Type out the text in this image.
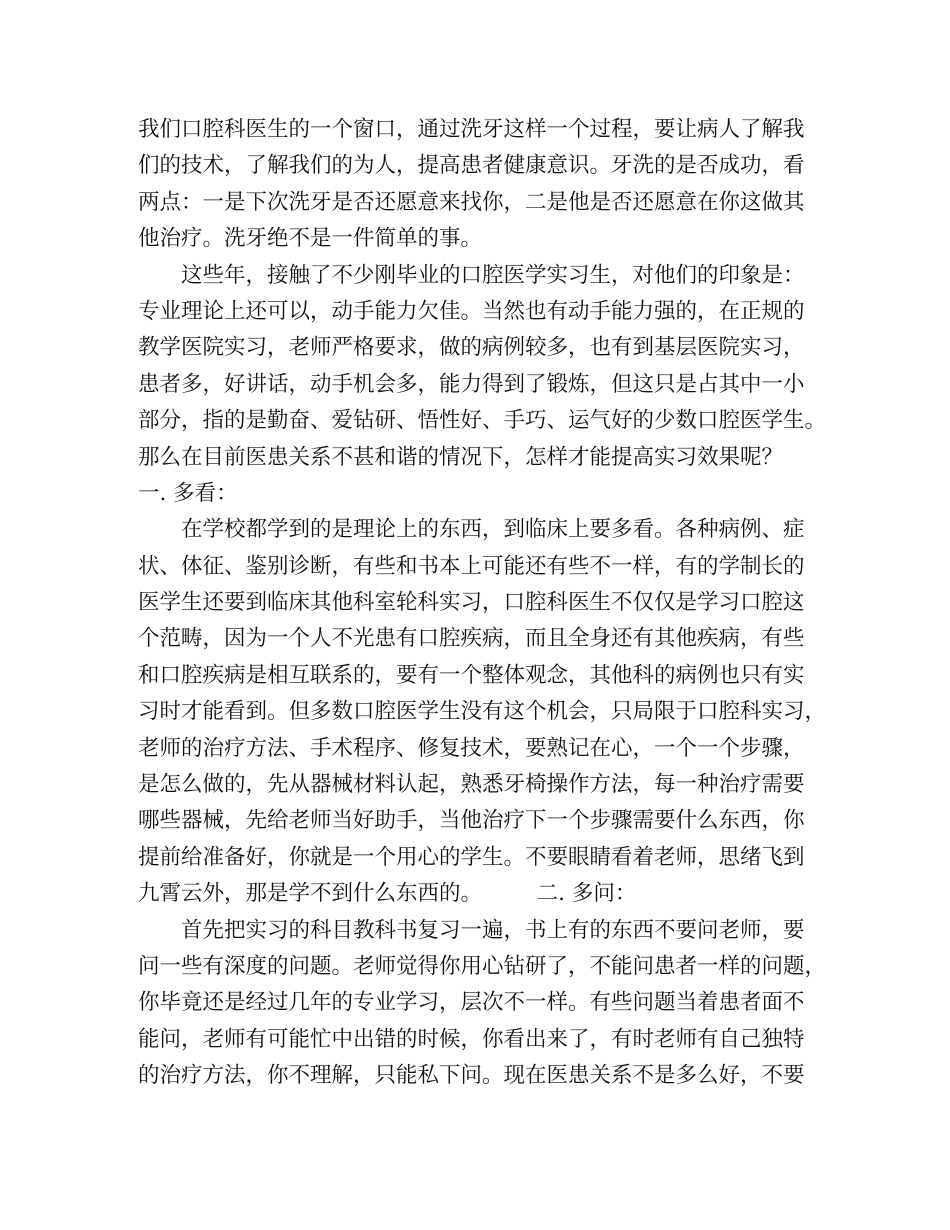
我们口腔科医生的一个窗口，通过洗牙这样一个过程，要让病人了解我
们的技术，了解我们的为人，提高患者健康意识。牙洗的是否成功，看
两点：一是下次洗牙是否还愿意来找你，二是他是否还愿意在你这做其
他治疗。洗牙绝不是一件简单的事。
这些年，接触了不少刚毕业的口腔医学实习生，对他们的印象是：
专业理论上还可以，动手能力欠佳。当然也有动手能力强的，在正规的
教学医院实习，老师严格要求，做的病例较多，也有到基层医院实习，
患者多，好讲话，动手机会多，能力得到了锻炼，但这只是占其中一小
部分，指的是勤奋、爱钻研、悟性好、手巧、运气好的少数口腔医学生。
那么在目前医患关系不甚和谐的情况下，怎样才能提高实习效果呢？
一. 多看：
在学校都学到的是理论上的东西，到临床上要多看。各种病例、症
状、体征、鉴别诊断，有些和书本上可能还有些不一样，有的学制长的
医学生还要到临床其他科室轮科实习，口腔科医生不仅仅是学习口腔这
个范畴，因为一个人不光患有口腔疾病，而且全身还有其他疾病，有些
和口腔疾病是相互联系的，要有一个整体观念，其他科的病例也只有实
习时才能看到。但多数口腔医学生没有这个机会，只局限于口腔科实习，
老师的治疗方法、手术程序、修复技术，要熟记在心，一个一个步骤，
是怎么做的，先从器械材料认起，熟悉牙椅操作方法，每一种治疗需要
哪些器械，先给老师当好助手，当他治疗下一个步骤需要什么东西，你
提前给准备好，你就是一个用心的学生。不要眼睛看着老师，思绪飞到
九霄云外，那是学不到什么东西的。        二. 多问：
首先把实习的科目教科书复习一遍，书上有的东西不要问老师，要
问一些有深度的问题。老师觉得你用心钻研了，不能问患者一样的问题，
你毕竟还是经过几年的专业学习，层次不一样。有些问题当着患者面不
能问，老师有可能忙中出错的时候，你看出来了，有时老师有自己独特
的治疗方法，你不理解，只能私下问。现在医患关系不是多么好，不要
